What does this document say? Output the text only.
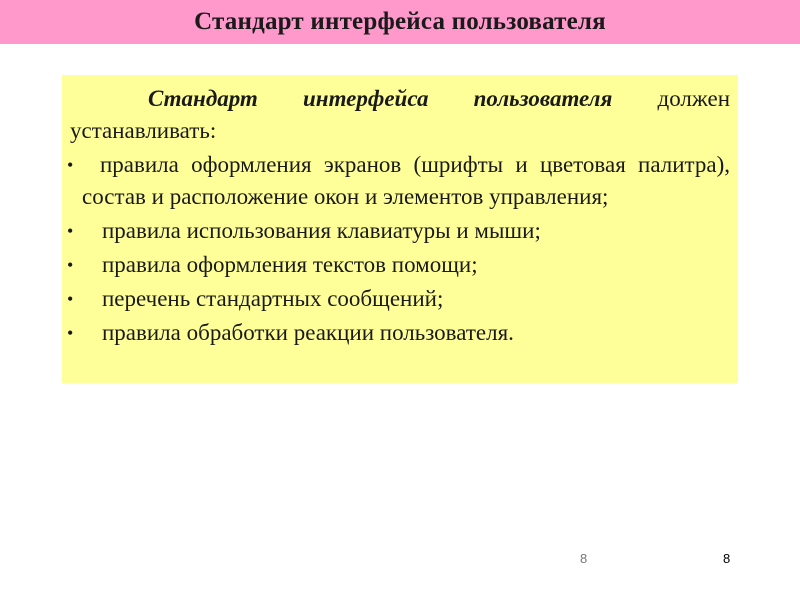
Стандарт интерфейса пользователя

Стандарт интерфейса пользователя должен устанавливать:

• правила оформления экранов (шрифты и цветовая палитра), состав и расположение окон и элементов управления;
• правила использования клавиатуры и мыши;
• правила оформления текстов помощи;
• перечень стандартных сообщений;
• правила обработки реакции пользователя.
8	8
